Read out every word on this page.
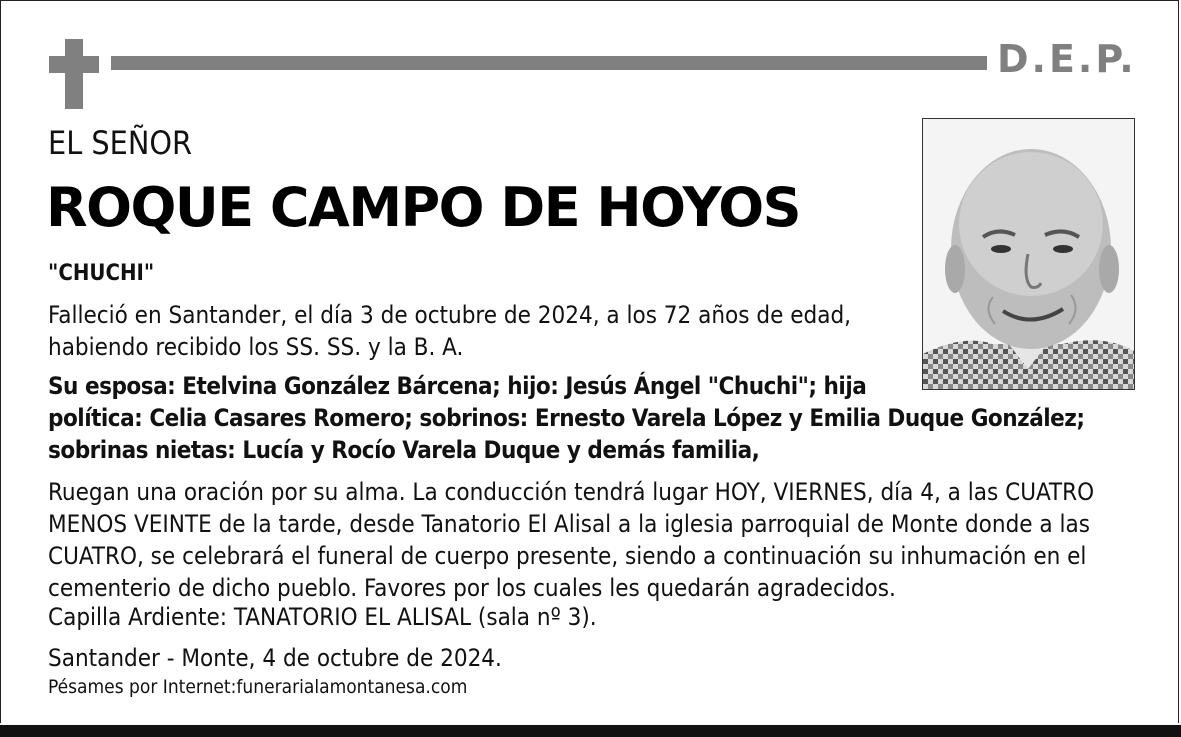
D.E.P.
EL SEÑOR
ROQUE CAMPO DE HOYOS
"CHUCHI"

Falleció en Santander, el día 3 de octubre de 2024, a los 72 años de edad,
habiendo recibido los SS. SS. y la B. A.

Su esposa: Etelvina González Bárcena; hijo: Jesús Ángel "Chuchi"; hija
política: Celia Casares Romero; sobrinos: Ernesto Varela López y Emilia Duque González;
sobrinas nietas: Lucía y Rocío Varela Duque y demás familia,

Ruegan una oración por su alma. La conducción tendrá lugar HOY, VIERNES, día 4, a las CUATRO
MENOS VEINTE de la tarde, desde Tanatorio El Alisal a la iglesia parroquial de Monte donde a las
CUATRO, se celebrará el funeral de cuerpo presente, siendo a continuación su inhumación en el
cementerio de dicho pueblo. Favores por los cuales les quedarán agradecidos.

Capilla Ardiente: TANATORIO EL ALISAL (sala nº 3).

Santander - Monte, 4 de octubre de 2024.

Pésames por Internet:funerarialamontanesa.com
